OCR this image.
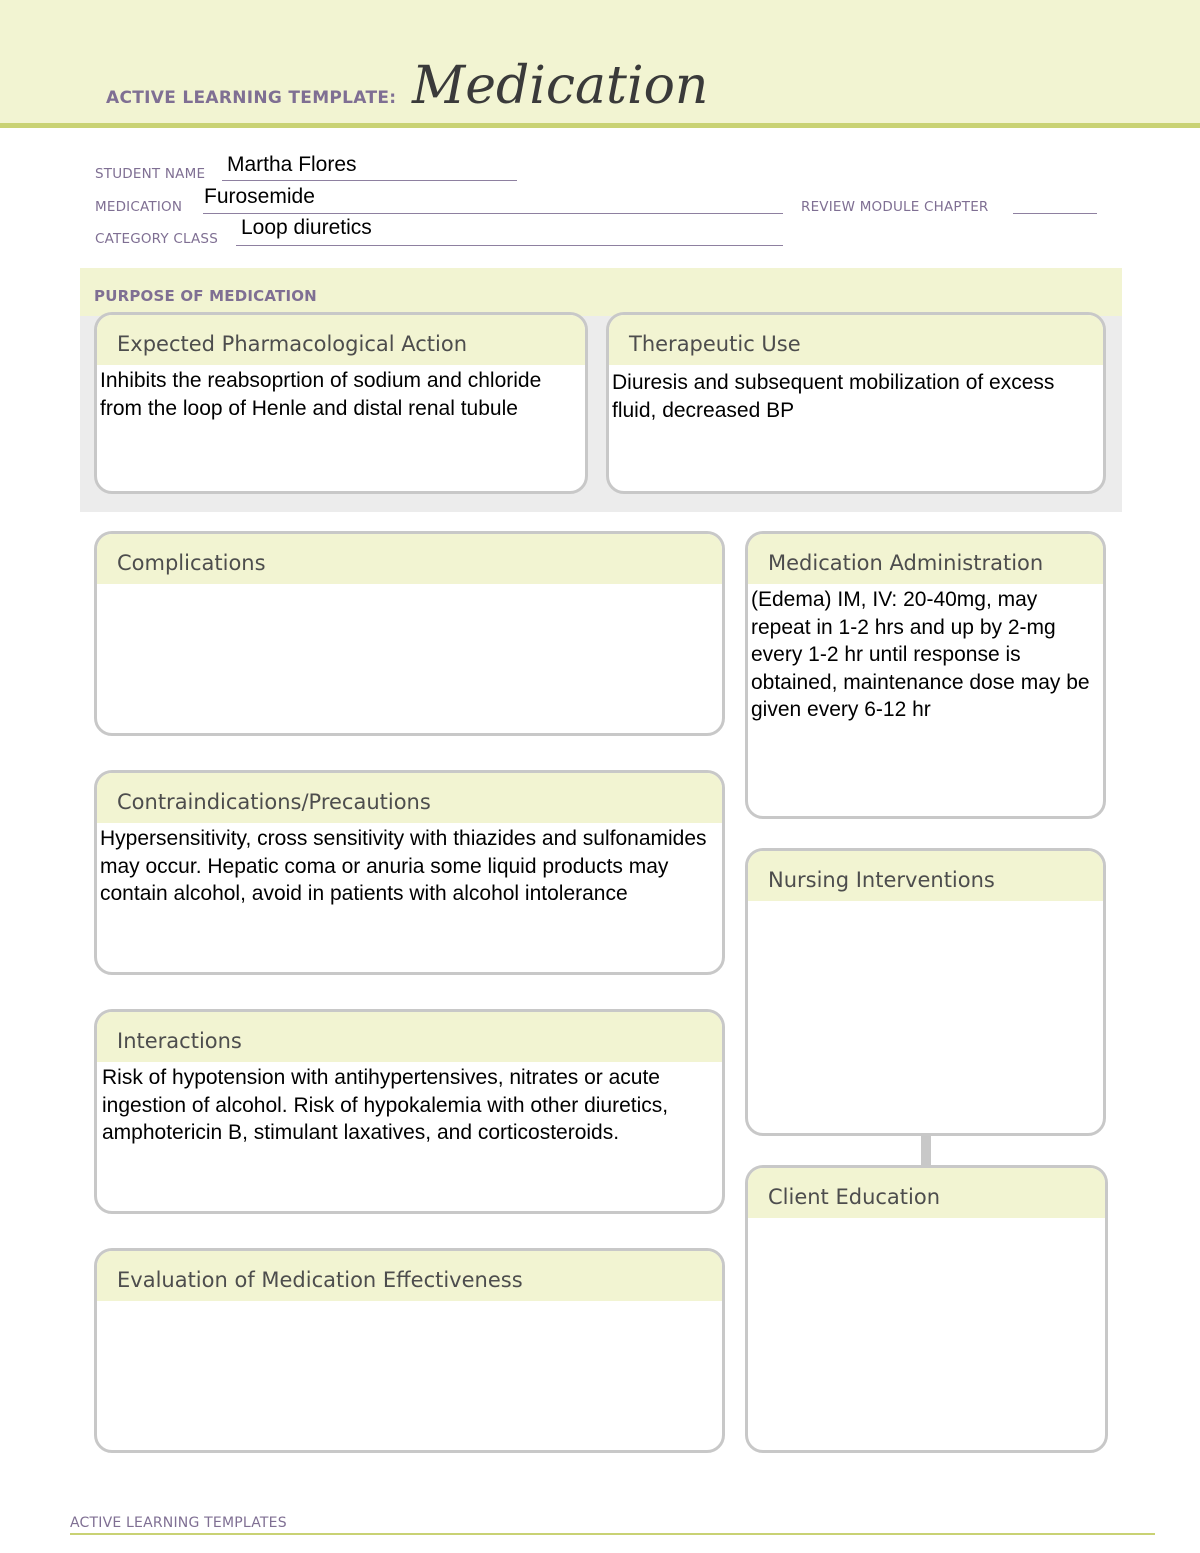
ACTIVE LEARNING TEMPLATE: Medication
STUDENT NAME Martha Flores
MEDICATION Furosemide	REVIEW MODULE CHAPTER
CATEGORY CLASS Loop diuretics
PURPOSE OF MEDICATION
Expected Pharmacological Action
Inhibits the reabsoprtion of sodium and chloride from the loop of Henle and distal renal tubule
Therapeutic Use
Diuresis and subsequent mobilization of excess fluid, decreased BP
Complications
Contraindications/Precautions
Hypersensitivity, cross sensitivity with thiazides and sulfonamides may occur. Hepatic coma or anuria some liquid products may contain alcohol, avoid in patients with alcohol intolerance
Interactions
Risk of hypotension with antihypertensives, nitrates or acute ingestion of alcohol. Risk of hypokalemia with other diuretics, amphotericin B, stimulant laxatives, and corticosteroids.
Evaluation of Medication Effectiveness
Medication Administration
(Edema) IM, IV: 20-40mg, may repeat in 1-2 hrs and up by 2-mg every 1-2 hr until response is obtained, maintenance dose may be given every 6-12 hr
Nursing Interventions
Client Education
ACTIVE LEARNING TEMPLATES
